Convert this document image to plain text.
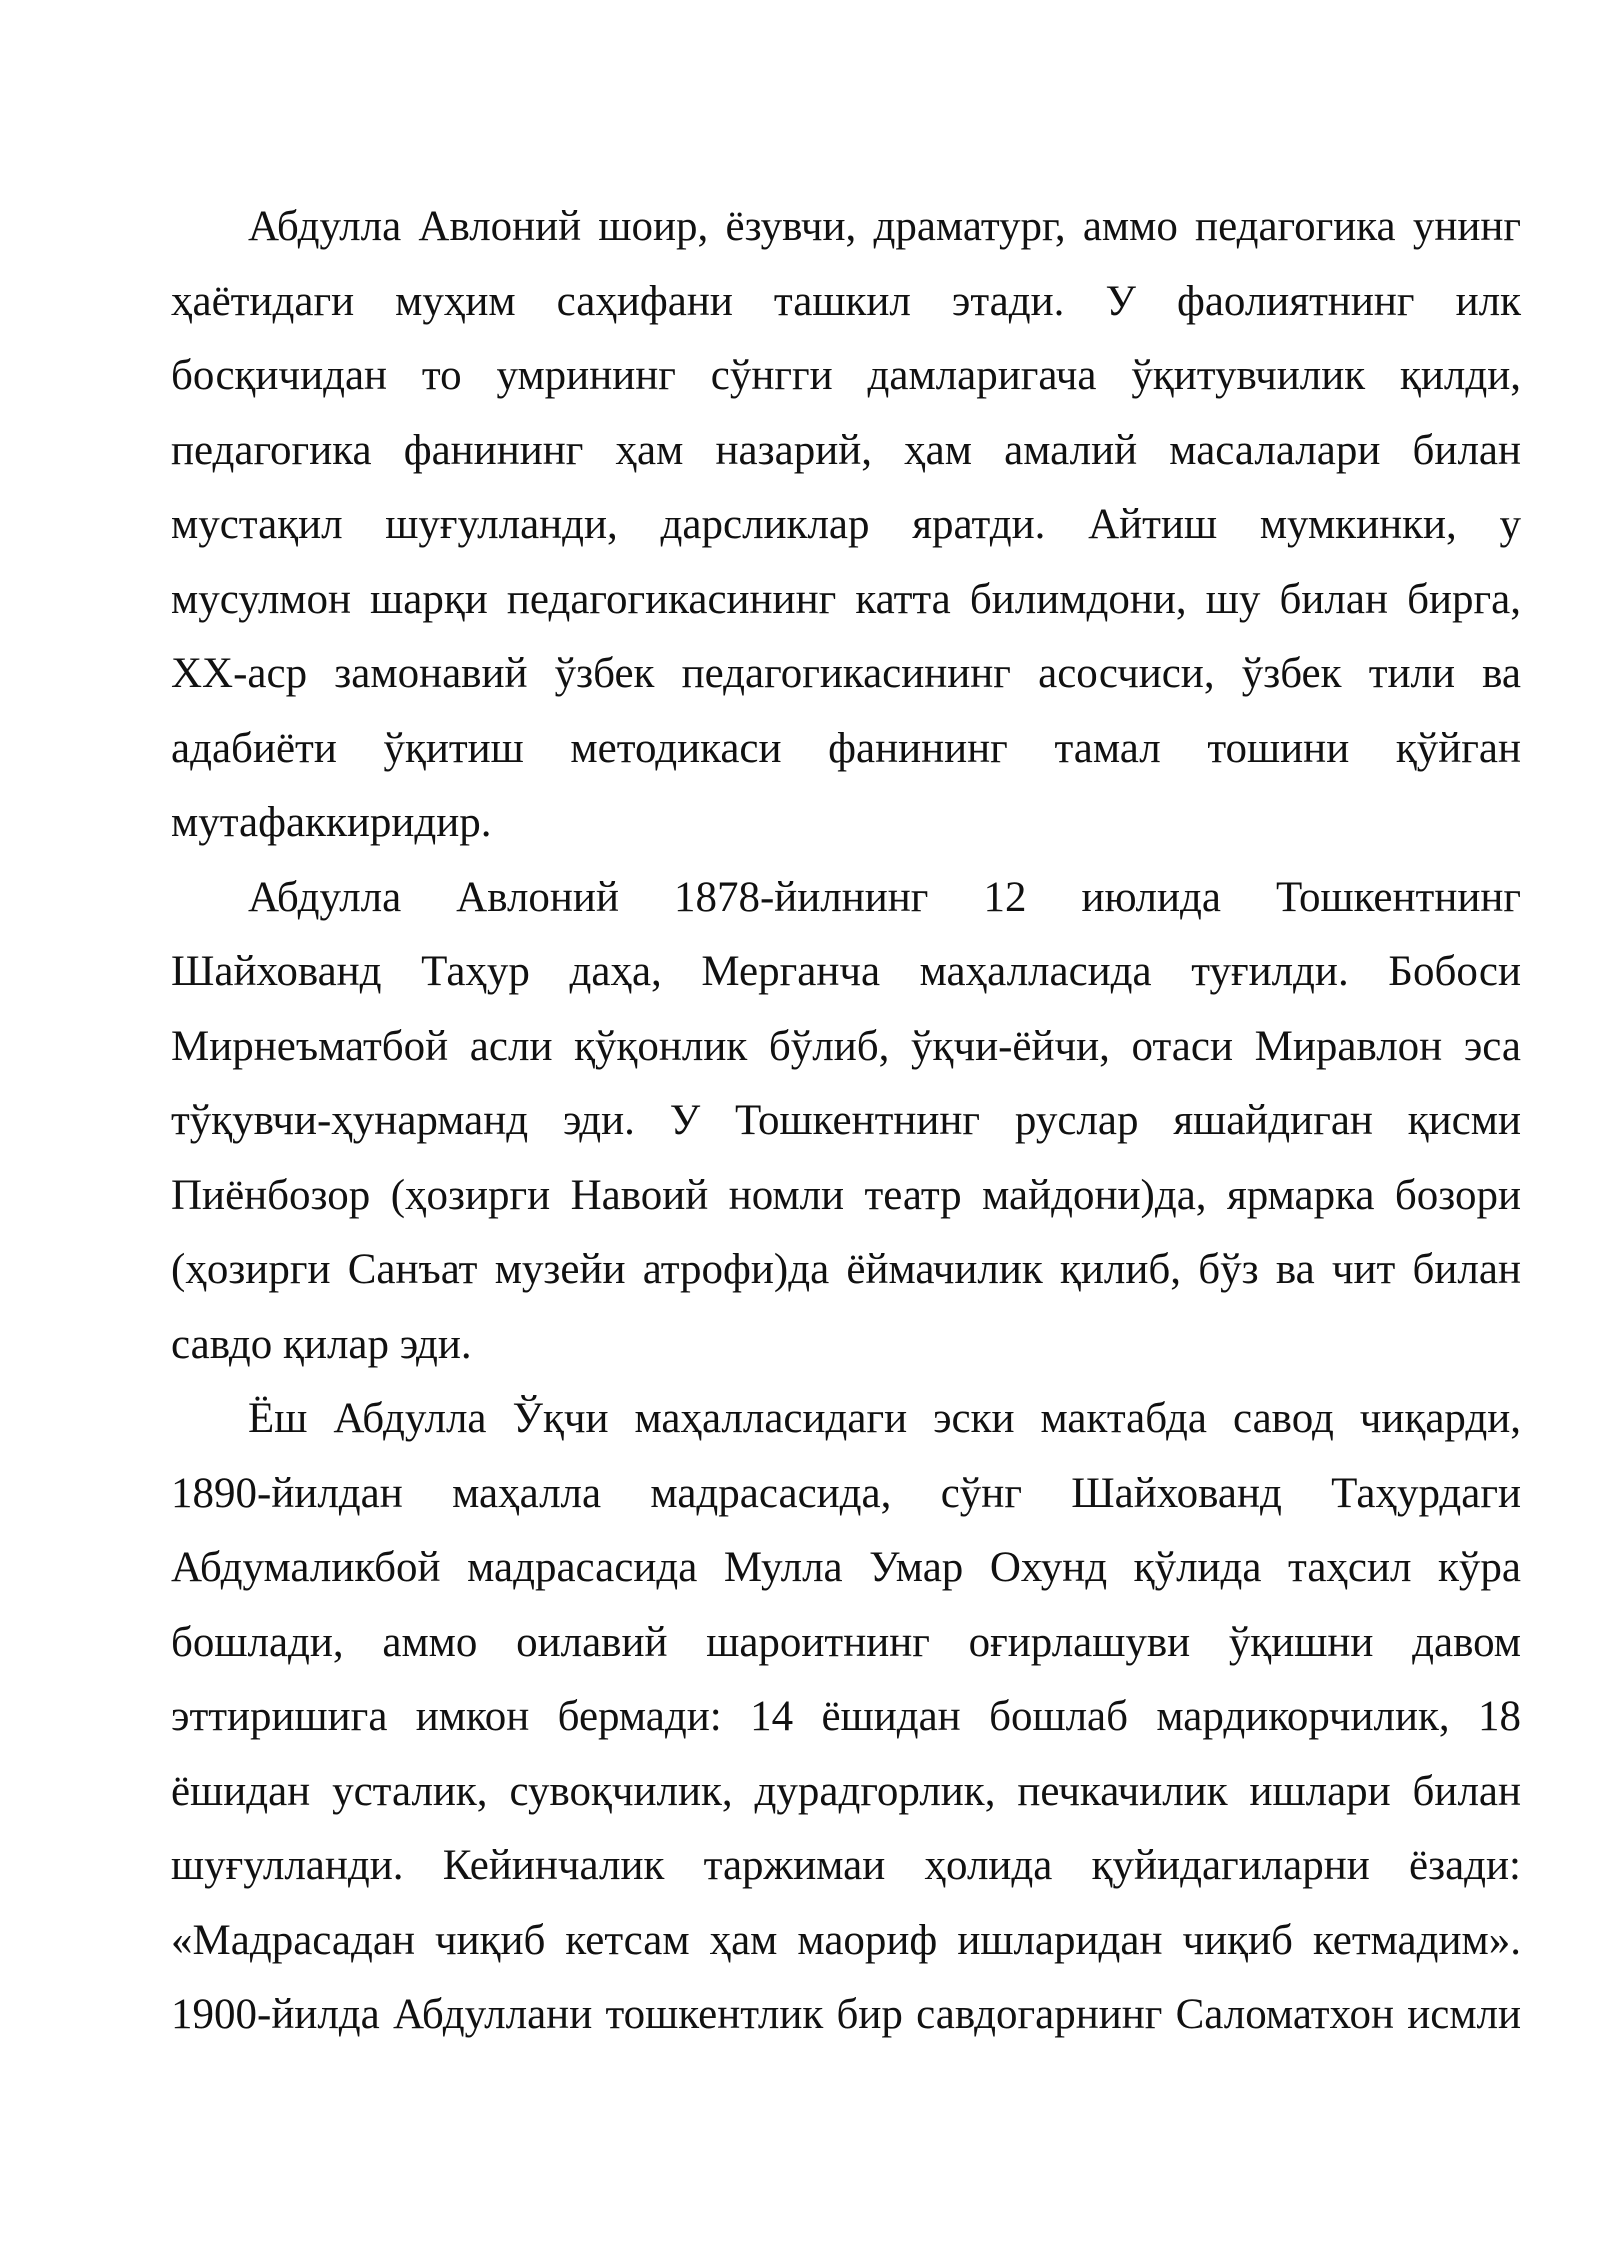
Абдулла Авлоний шоир, ёзувчи, драматург, аммо педагогика унинг
ҳаётидаги муҳим саҳифани ташкил этади. У фаолиятнинг илк
босқичидан то умрининг сўнгги дамларигача ўқитувчилик қилди,
педагогика фанининг ҳам назарий, ҳам амалий масалалари билан
мустақил шуғулланди, дарсликлар яратди. Айтиш мумкинки, у
мусулмон шарқи педагогикасининг катта билимдони, шу билан бирга,
XX-аср замонавий ўзбек педагогикасининг асосчиси, ўзбек тили ва
адабиёти ўқитиш методикаси фанининг тамал тошини қўйган
мутафаккиридир.
Абдулла Авлоний 1878-йилнинг 12 июлида Тошкентнинг
Шайхованд Таҳур даҳа, Мерганча маҳалласида туғилди. Бобоси
Мирнеъматбой асли қўқонлик бўлиб, ўқчи-ёйчи, отаси Миравлон эса
тўқувчи-ҳунарманд эди. У Тошкентнинг руслар яшайдиган қисми
Пиёнбозор (ҳозирги Навоий номли театр майдони)да, ярмарка бозори
(ҳозирги Санъат музейи атрофи)да ёймачилик қилиб, бўз ва чит билан
савдо қилар эди.
Ёш Абдулла Ўқчи маҳалласидаги эски мактабда савод чиқарди,
1890-йилдан маҳалла мадрасасида, сўнг Шайхованд Таҳурдаги
Абдумаликбой мадрасасида Мулла Умар Охунд қўлида таҳсил кўра
бошлади, аммо оилавий шароитнинг оғирлашуви ўқишни давом
эттиришига имкон бермади: 14 ёшидан бошлаб мардикорчилик, 18
ёшидан усталик, сувоқчилик, дурадгорлик, печкачилик ишлари билан
шуғулланди. Кейинчалик таржимаи ҳолида қуйидагиларни ёзади:
«Мадрасадан чиқиб кетсам ҳам маориф ишларидан чиқиб кетмадим».
1900-йилда Абдуллани тошкентлик бир савдогарнинг Саломатхон исмли
